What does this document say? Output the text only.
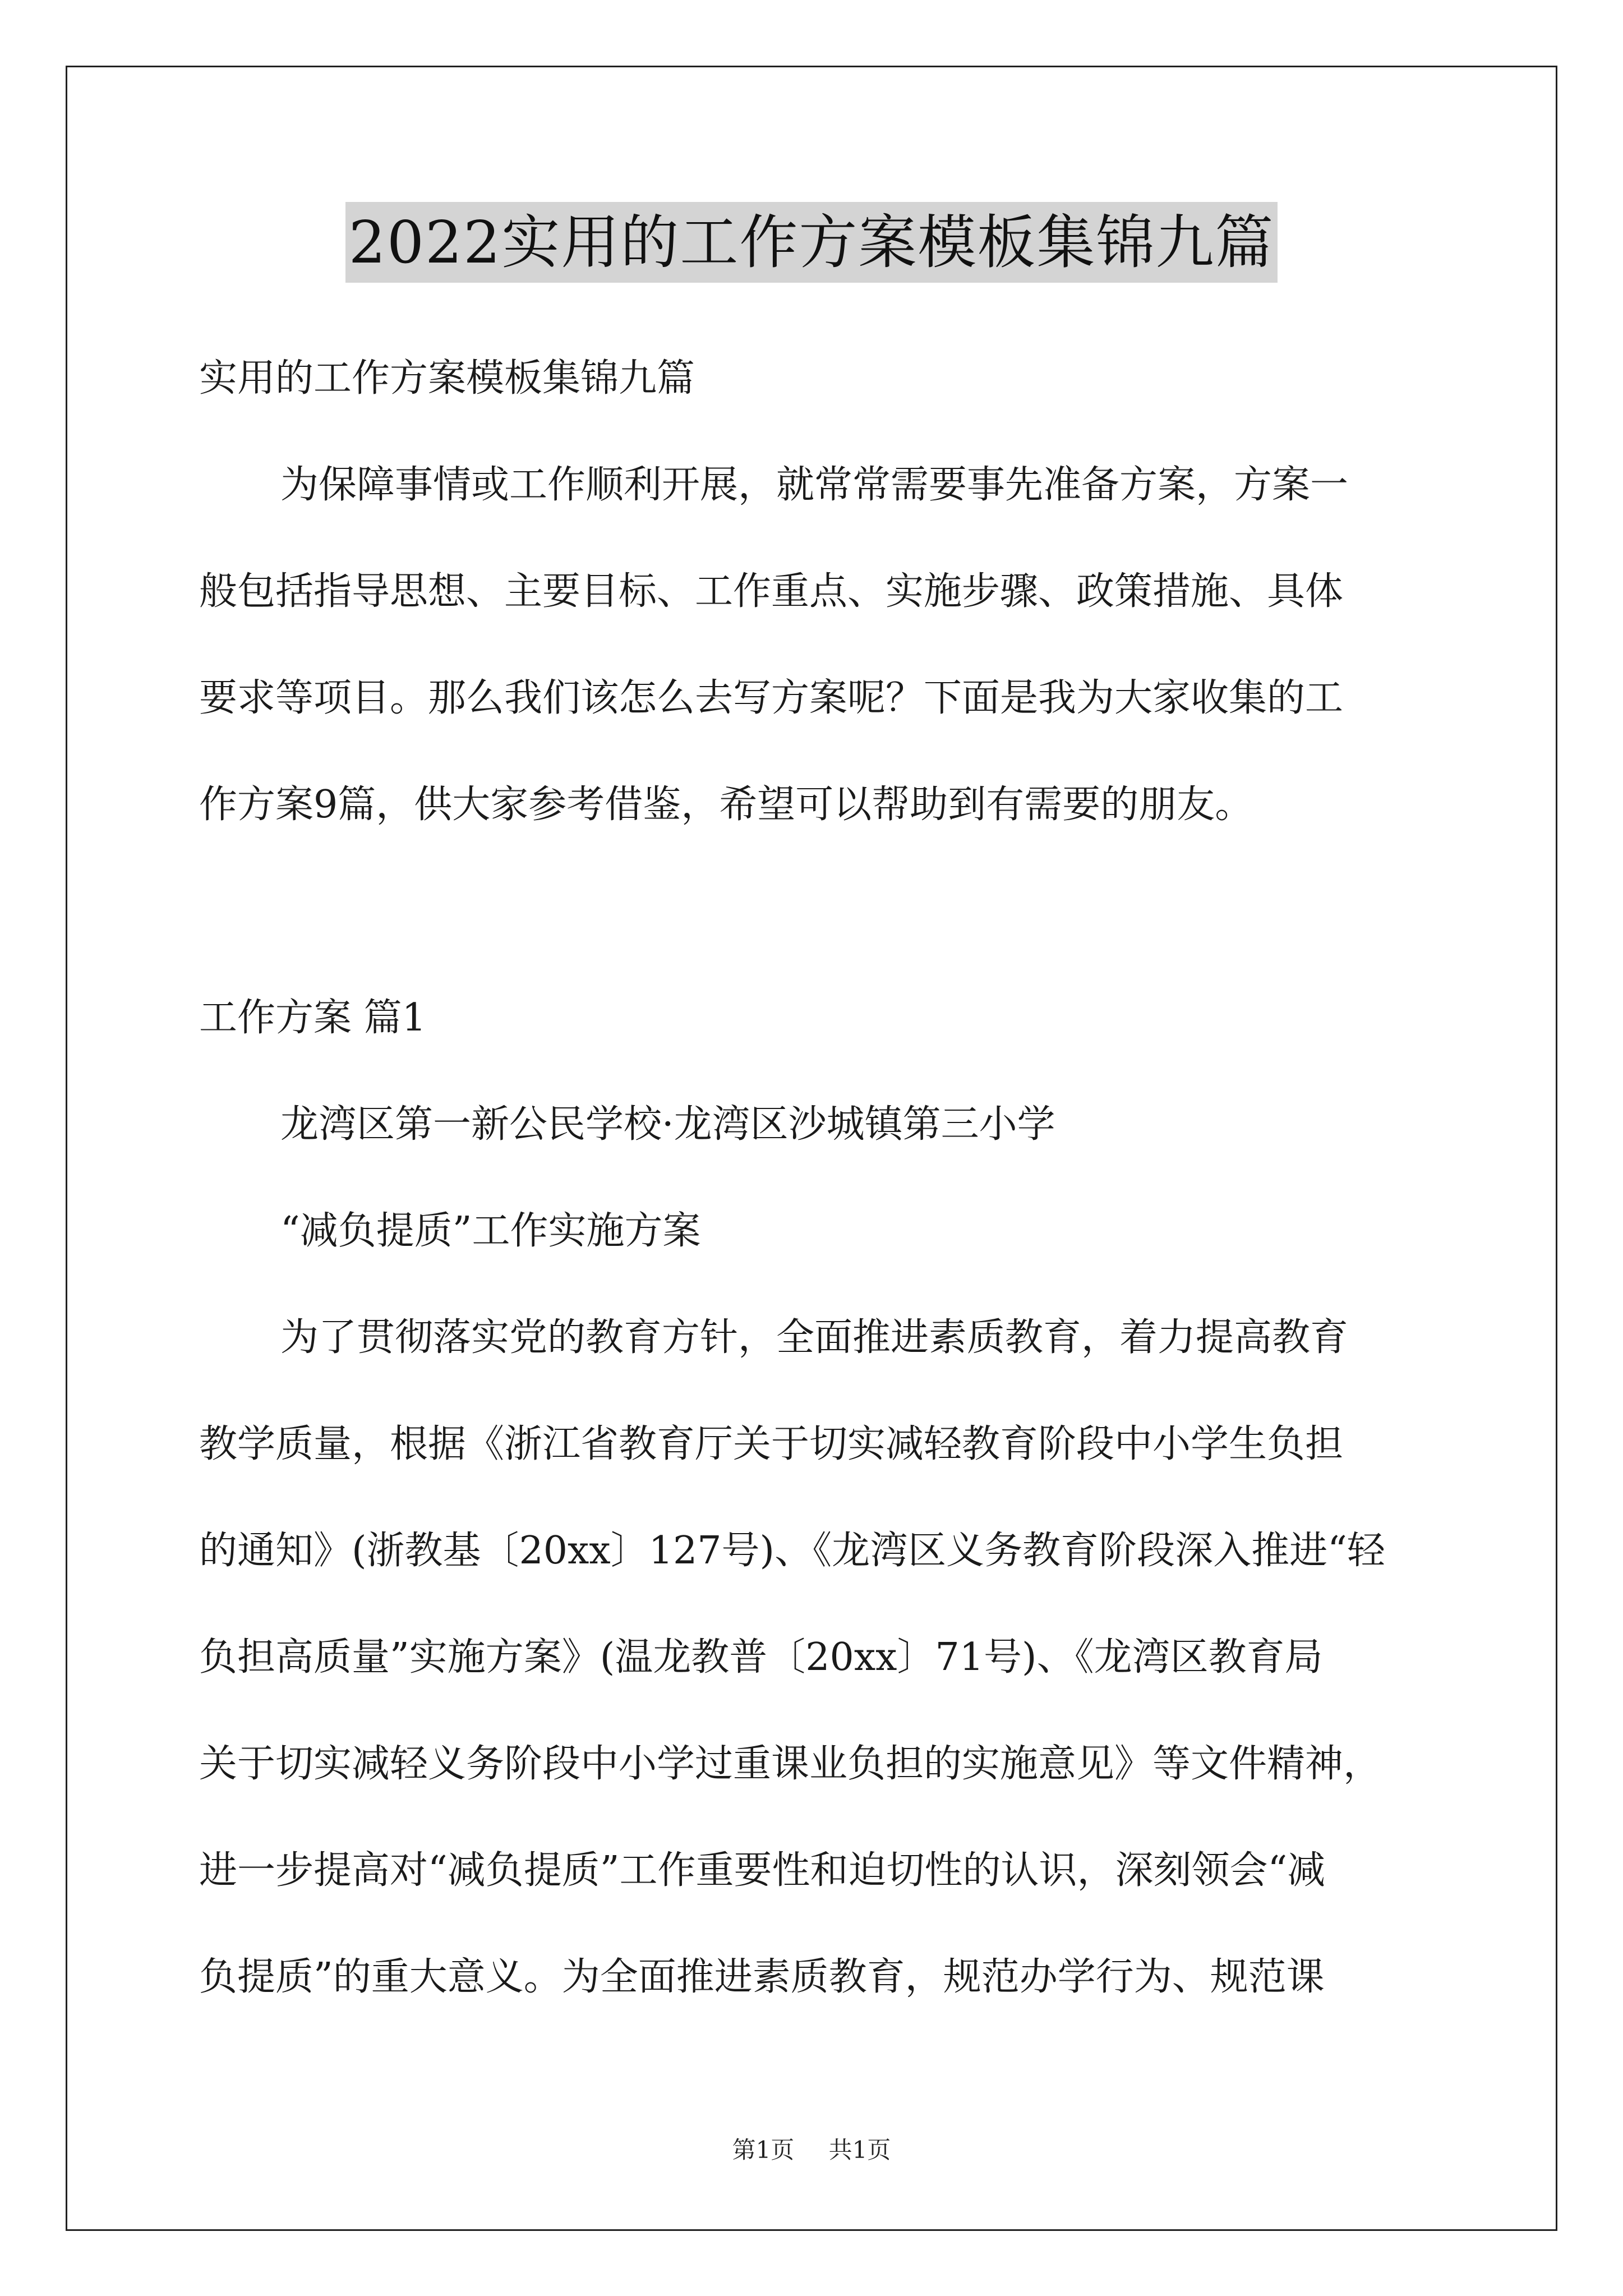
2022实用的工作方案模板集锦九篇
实用的工作方案模板集锦九篇
为保障事情或工作顺利开展，就常常需要事先准备方案，方案一
般包括指导思想、主要目标、工作重点、实施步骤、政策措施、具体
要求等项目。那么我们该怎么去写方案呢？下面是我为大家收集的工
作方案9篇，供大家参考借鉴，希望可以帮助到有需要的朋友。
工作方案 篇1
龙湾区第一新公民学校·龙湾区沙城镇第三小学
“减负提质”工作实施方案
为了贯彻落实党的教育方针，全面推进素质教育，着力提高教育
教学质量，根据《浙江省教育厅关于切实减轻教育阶段中小学生负担
的通知》(浙教基〔20xx〕127号)、《龙湾区义务教育阶段深入推进“轻
负担高质量”实施方案》(温龙教普〔20xx〕71号)、《龙湾区教育局
关于切实减轻义务阶段中小学过重课业负担的实施意见》等文件精神，
进一步提高对“减负提质”工作重要性和迫切性的认识，深刻领会“减
负提质”的重大意义。为全面推进素质教育，规范办学行为、规范课
第1页 共1页
